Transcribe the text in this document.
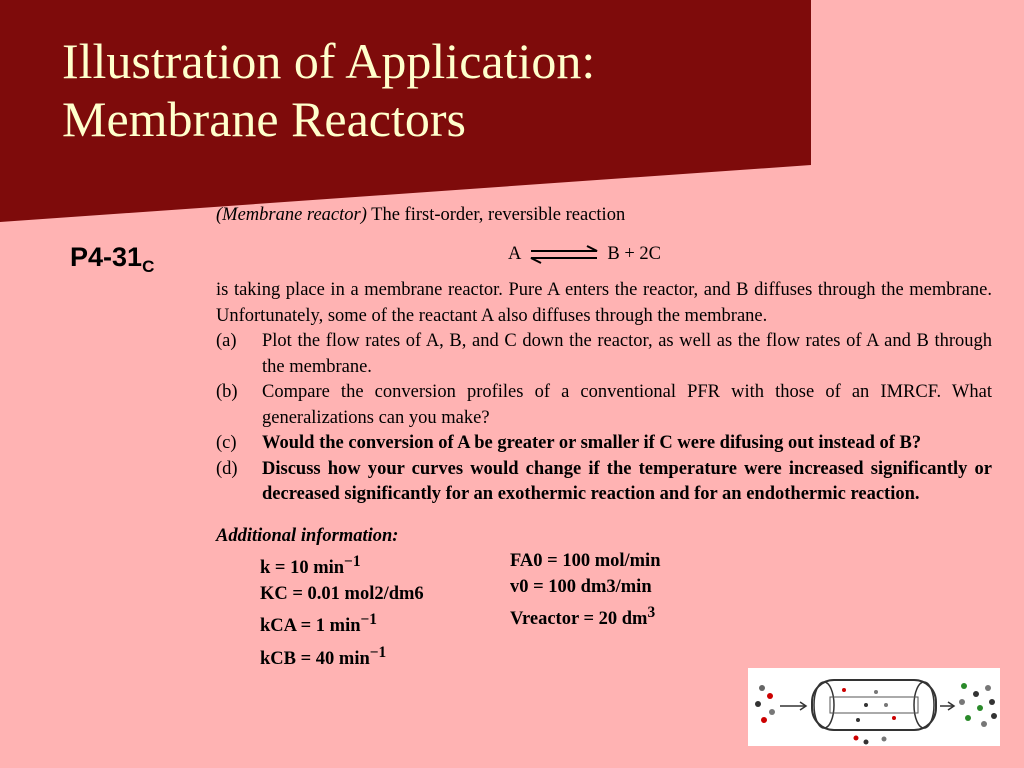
Illustration of Application:
Membrane Reactors
$P4-31_C$

(Membrane reactor) The first-order, reversible reaction

A ⇌ B + 2C

is taking place in a membrane reactor. Pure A enters the reactor, and B diffuses through the membrane. Unfortunately, some of the reactant A also diffuses through the membrane.

(a)	Plot the flow rates of A, B, and C down the reactor, as well as the flow rates of A and B through the membrane.
(b)	Compare the conversion profiles of a conventional PFR with those of an IMRCF. What generalizations can you make?
(c)	Would the conversion of A be greater or smaller if C were difusing out instead of B?
(d)	Discuss how your curves would change if the temperature were increased significantly or decreased significantly for an exothermic reaction and for an endothermic reaction.

Additional information:

k = 10 $\min^{-1}$
KC = 0.01 mol2/dm6
kCA = 1 $\min^{-1}$
kCB = 40 $\min^{-1}$
FA0 = 100 mol/min
v0 = 100 dm3/min
Vreactor = 20 $dm^3$
